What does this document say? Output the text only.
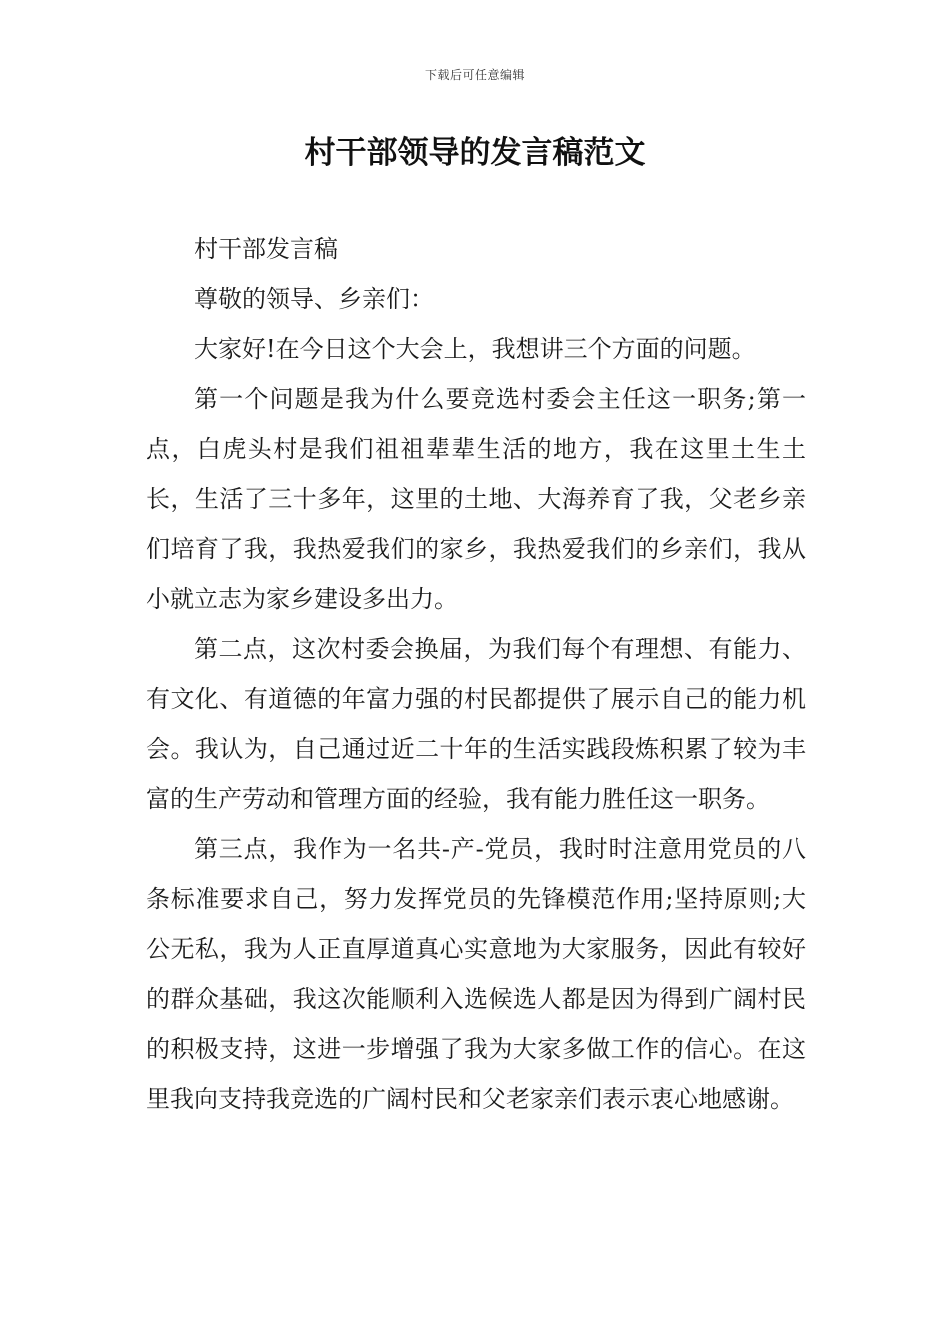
下载后可任意编辑
村干部领导的发言稿范文

村干部发言稿

尊敬的领导、乡亲们：

大家好!在今日这个大会上，我想讲三个方面的问题。

第一个问题是我为什么要竞选村委会主任这一职务;第一点，白虎头村是我们祖祖辈辈生活的地方，我在这里土生土长，生活了三十多年，这里的土地、大海养育了我，父老乡亲们培育了我，我热爱我们的家乡，我热爱我们的乡亲们，我从小就立志为家乡建设多出力。

第二点，这次村委会换届，为我们每个有理想、有能力、有文化、有道德的年富力强的村民都提供了展示自己的能力机会。我认为，自己通过近二十年的生活实践段炼积累了较为丰富的生产劳动和管理方面的经验，我有能力胜任这一职务。

第三点，我作为一名共-产-党员，我时时注意用党员的八条标准要求自己，努力发挥党员的先锋模范作用;坚持原则;大公无私，我为人正直厚道真心实意地为大家服务，因此有较好的群众基础，我这次能顺利入选候选人都是因为得到广阔村民的积极支持，这进一步增强了我为大家多做工作的信心。在这里我向支持我竞选的广阔村民和父老家亲们表示衷心地感谢。
